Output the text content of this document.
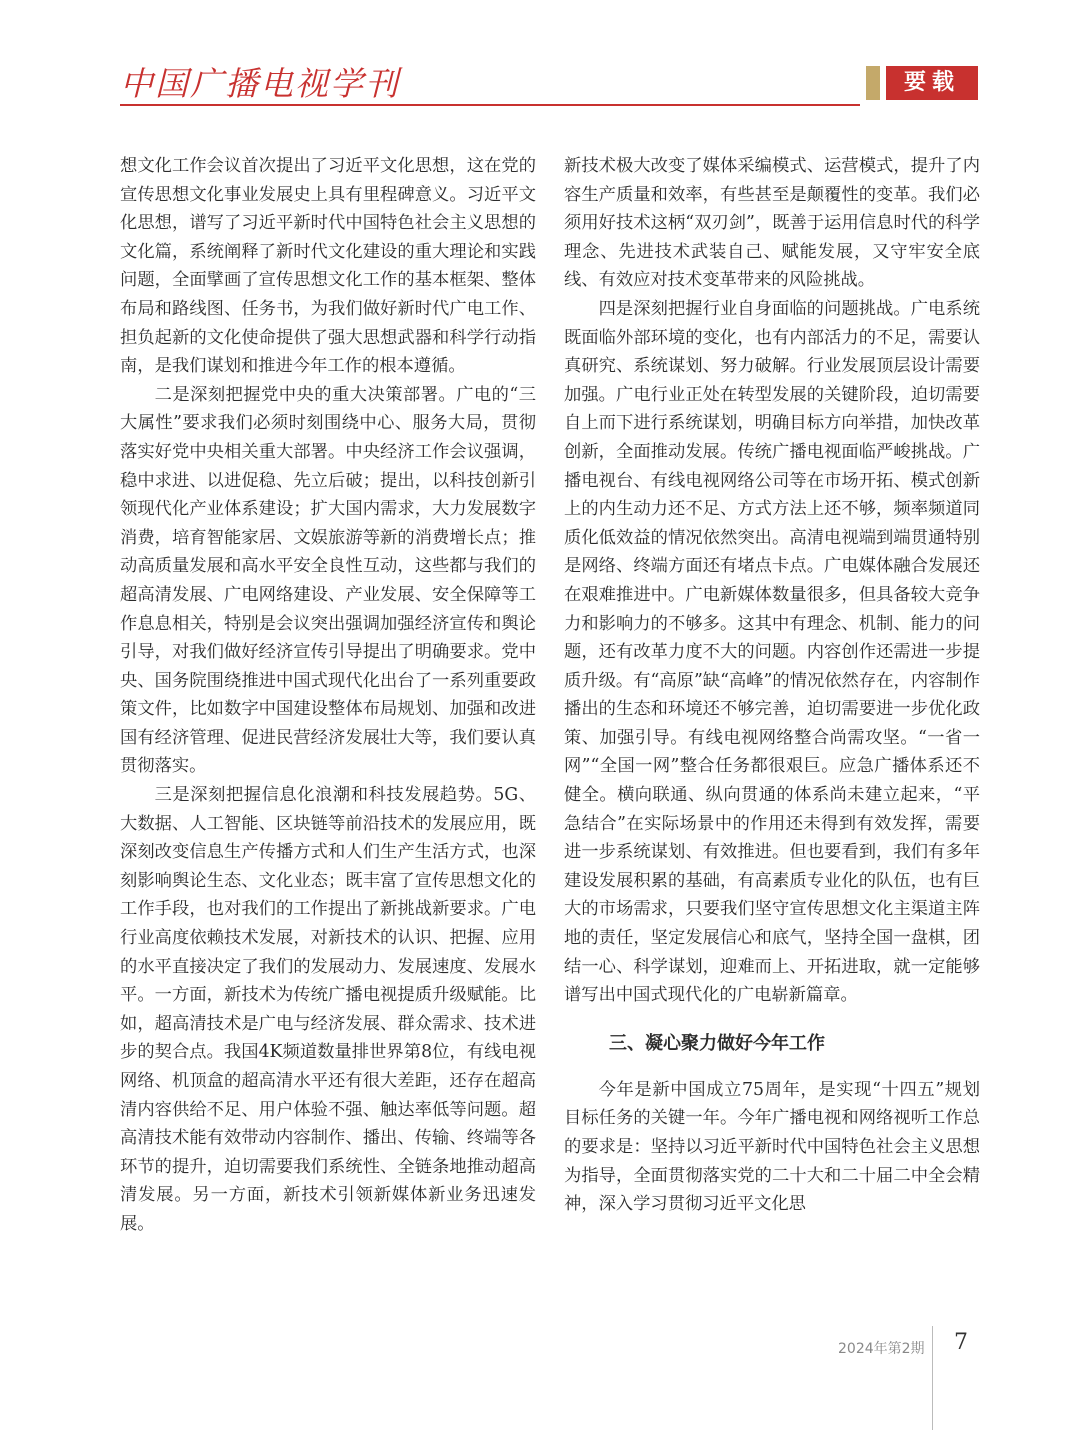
中国广播电视学刊	要载

想文化工作会议首次提出了习近平文化思想，这在党的宣传思想文化事业发展史上具有里程碑意义。习近平文化思想，谱写了习近平新时代中国特色社会主义思想的文化篇，系统阐释了新时代文化建设的重大理论和实践问题，全面擘画了宣传思想文化工作的基本框架、整体布局和路线图、任务书，为我们做好新时代广电工作、担负起新的文化使命提供了强大思想武器和科学行动指南，是我们谋划和推进今年工作的根本遵循。

二是深刻把握党中央的重大决策部署。广电的“三大属性”要求我们必须时刻围绕中心、服务大局，贯彻落实好党中央相关重大部署。中央经济工作会议强调，稳中求进、以进促稳、先立后破；提出，以科技创新引领现代化产业体系建设；扩大国内需求，大力发展数字消费，培育智能家居、文娱旅游等新的消费增长点；推动高质量发展和高水平安全良性互动，这些都与我们的超高清发展、广电网络建设、产业发展、安全保障等工作息息相关，特别是会议突出强调加强经济宣传和舆论引导，对我们做好经济宣传引导提出了明确要求。党中央、国务院围绕推进中国式现代化出台了一系列重要政策文件，比如数字中国建设整体布局规划、加强和改进国有经济管理、促进民营经济发展壮大等，我们要认真贯彻落实。

三是深刻把握信息化浪潮和科技发展趋势。5G、大数据、人工智能、区块链等前沿技术的发展应用，既深刻改变信息生产传播方式和人们生产生活方式，也深刻影响舆论生态、文化业态；既丰富了宣传思想文化的工作手段，也对我们的工作提出了新挑战新要求。广电行业高度依赖技术发展，对新技术的认识、把握、应用的水平直接决定了我们的发展动力、发展速度、发展水平。一方面，新技术为传统广播电视提质升级赋能。比如，超高清技术是广电与经济发展、群众需求、技术进步的契合点。我国4K频道数量排世界第8位，有线电视网络、机顶盒的超高清水平还有很大差距，还存在超高清内容供给不足、用户体验不强、触达率低等问题。超高清技术能有效带动内容制作、播出、传输、终端等各环节的提升，迫切需要我们系统性、全链条地推动超高清发展。另一方面，新技术引领新媒体新业务迅速发展。

新技术极大改变了媒体采编模式、运营模式，提升了内容生产质量和效率，有些甚至是颠覆性的变革。我们必须用好技术这柄“双刃剑”，既善于运用信息时代的科学理念、先进技术武装自己、赋能发展，又守牢安全底线、有效应对技术变革带来的风险挑战。

四是深刻把握行业自身面临的问题挑战。广电系统既面临外部环境的变化，也有内部活力的不足，需要认真研究、系统谋划、努力破解。行业发展顶层设计需要加强。广电行业正处在转型发展的关键阶段，迫切需要自上而下进行系统谋划，明确目标方向举措，加快改革创新，全面推动发展。传统广播电视面临严峻挑战。广播电视台、有线电视网络公司等在市场开拓、模式创新上的内生动力还不足、方式方法上还不够，频率频道同质化低效益的情况依然突出。高清电视端到端贯通特别是网络、终端方面还有堵点卡点。广电媒体融合发展还在艰难推进中。广电新媒体数量很多，但具备较大竞争力和影响力的不够多。这其中有理念、机制、能力的问题，还有改革力度不大的问题。内容创作还需进一步提质升级。有“高原”缺“高峰”的情况依然存在，内容制作播出的生态和环境还不够完善，迫切需要进一步优化政策、加强引导。有线电视网络整合尚需攻坚。“一省一网”“全国一网”整合任务都很艰巨。应急广播体系还不健全。横向联通、纵向贯通的体系尚未建立起来，“平急结合”在实际场景中的作用还未得到有效发挥，需要进一步系统谋划、有效推进。但也要看到，我们有多年建设发展积累的基础，有高素质专业化的队伍，也有巨大的市场需求，只要我们坚守宣传思想文化主渠道主阵地的责任，坚定发展信心和底气，坚持全国一盘棋，团结一心、科学谋划，迎难而上、开拓进取，就一定能够谱写出中国式现代化的广电崭新篇章。

三、凝心聚力做好今年工作

今年是新中国成立75周年，是实现“十四五”规划目标任务的关键一年。今年广播电视和网络视听工作总的要求是：坚持以习近平新时代中国特色社会主义思想为指导，全面贯彻落实党的二十大和二十届二中全会精神，深入学习贯彻习近平文化思

2024年第2期 7
